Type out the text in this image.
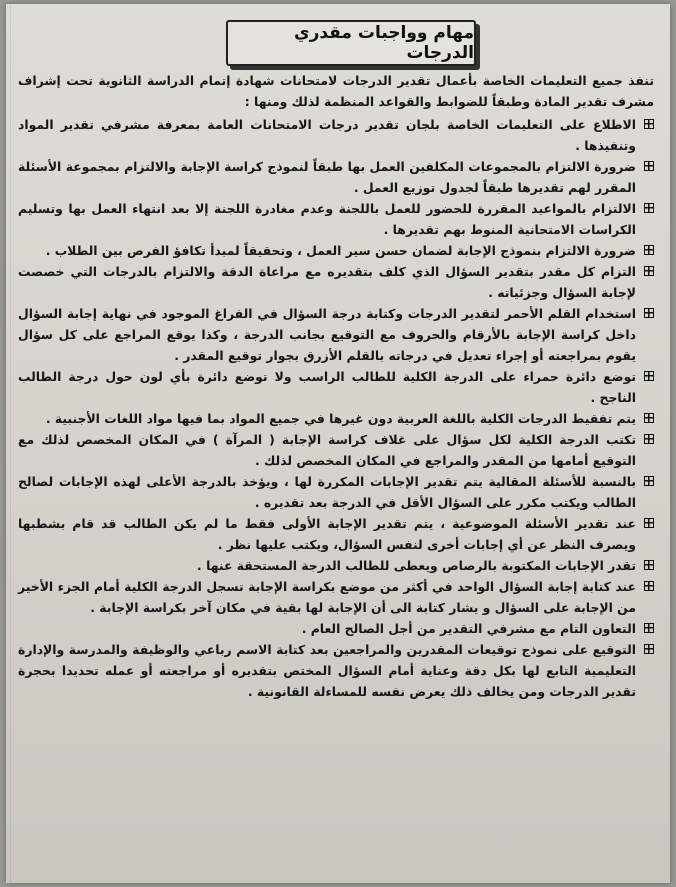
مهام وواجبات مقدري الدرجات

تنفذ جميع التعليمات الخاصة بأعمال تقدير الدرجات لامتحانات شهادة إتمام الدراسة الثانوية تحت إشراف مشرف تقدير المادة وطبقاً للضوابط والقواعد المنظمة لذلك ومنها :

الاطلاع على التعليمات الخاصة بلجان تقدير درجات الامتحانات العامة بمعرفة مشرفي تقدير المواد وتنفيذها .
ضرورة الالتزام بالمجموعات المكلفين العمل بها طبقاً لنموذج كراسة الإجابة والالتزام بمجموعة الأسئلة المقرر لهم تقديرها طبقاً لجدول توزيع العمل .
الالتزام بالمواعيد المقررة للحضور للعمل باللجنة وعدم مغادرة اللجنة إلا بعد انتهاء العمل بها وتسليم الكراسات الامتحانية المنوط بهم تقديرها .
ضرورة الالتزام بنموذج الإجابة لضمان حسن سير العمل ، وتحقيقاً لمبدأ تكافؤ الفرص بين الطلاب .
التزام كل مقدر بتقدير السؤال الذي كلف بتقديره مع مراعاة الدقة والالتزام بالدرجات التي خصصت لإجابة السؤال وجزئياته .
استخدام القلم الأحمر لتقدير الدرجات وكتابة درجة السؤال في الفراغ الموجود في نهاية إجابة السؤال داخل كراسة الإجابة بالأرقام والحروف مع التوقيع بجانب الدرجة ، وكذا يوقع المراجع على كل سؤال يقوم بمراجعته أو إجراء تعديل في درجاته بالقلم الأزرق بجوار توقيع المقدر .
توضع دائرة حمراء على الدرجة الكلية للطالب الراسب ولا توضع دائرة بأي لون حول درجة الطالب الناجح .
يتم تفقيط الدرجات الكلية باللغة العربية دون غيرها في جميع المواد بما فيها مواد اللغات الأجنبية .
تكتب الدرجة الكلية لكل سؤال على غلاف كراسة الإجابة ( المرآة ) في المكان المخصص لذلك مع التوقيع أمامها من المقدر والمراجع في المكان المخصص لذلك .
بالنسبة للأسئلة المقالية يتم تقدير الإجابات المكررة لها ، ويؤخذ بالدرجة الأعلى لهذه الإجابات لصالح الطالب ويكتب مكرر على السؤال الأقل في الدرجة بعد تقديره .
عند تقدير الأسئلة الموضوعية ، يتم تقدير الإجابة الأولى فقط ما لم يكن الطالب قد قام بشطبها ويصرف النظر عن أي إجابات أخرى لنفس السؤال، ويكتب عليها نظر .
تقدر الإجابات المكتوبة بالرصاص ويعطى للطالب الدرجة المستحقة عنها .
عند كتابة إجابة السؤال الواحد في أكثر من موضع بكراسة الإجابة تسجل الدرجة الكلية أمام الجزء الأخير من الإجابة على السؤال و يشار كتابة الى أن الإجابة لها بقية في مكان آخر بكراسة الإجابة .
التعاون التام مع مشرفي التقدير من أجل الصالح العام .
التوقيع على نموذج توقيعات المقدرين والمراجعين بعد كتابة الاسم رباعي والوظيفة والمدرسة والإدارة التعليمية التابع لها بكل دقة وعناية أمام السؤال المختص بتقديره أو مراجعته أو عمله تحديدا بحجرة تقدير الدرجات ومن يخالف ذلك يعرض نفسه للمساءلة القانونية .
